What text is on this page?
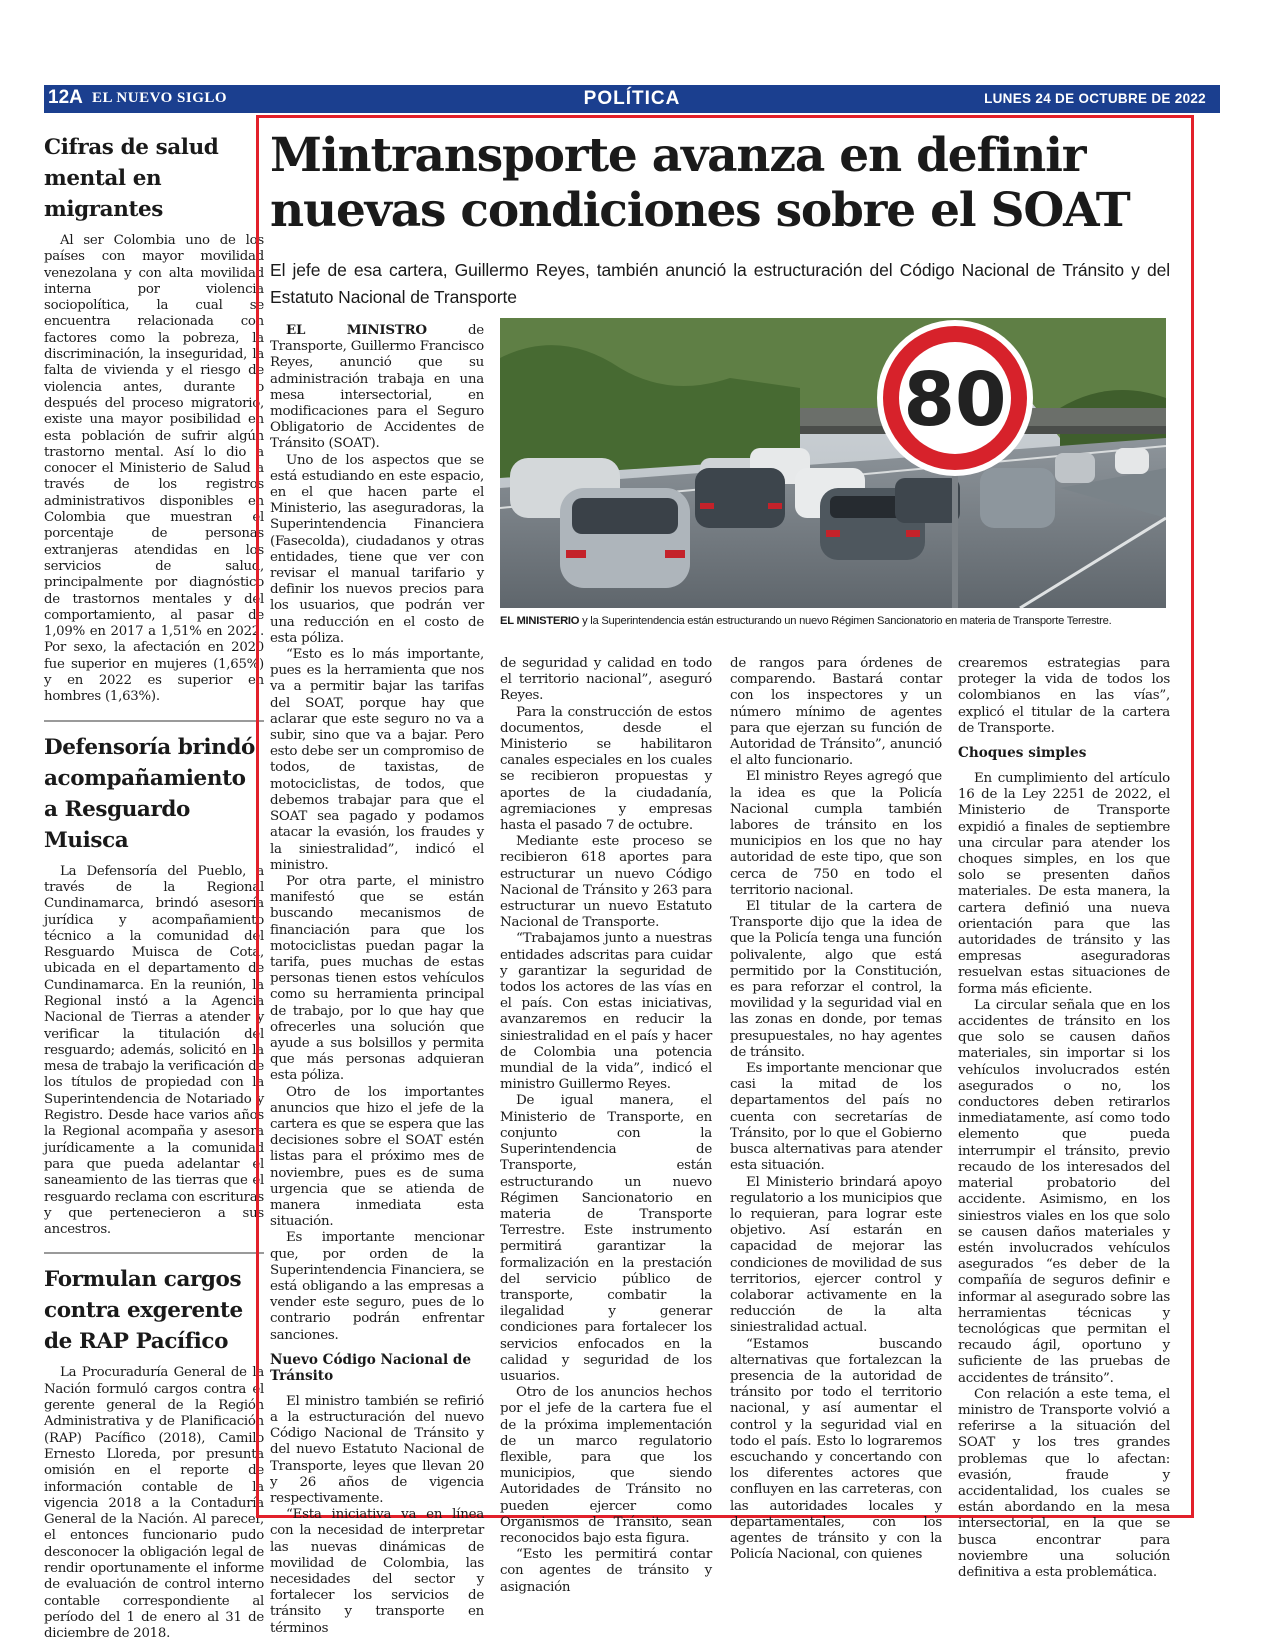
12A EL NUEVO SIGLO	POLÍTICA	LUNES 24 DE OCTUBRE DE 2022
Cifras de salud mental en migrantes

Al ser Colombia uno de los países con mayor movilidad venezolana y con alta movilidad interna por violencia sociopolítica, la cual se encuentra relacionada con factores como la pobreza, la discriminación, la inseguridad, la falta de vivienda y el riesgo de violencia antes, durante o después del proceso migratorio, existe una mayor posibilidad en esta población de sufrir algún trastorno mental. Así lo dio a conocer el Ministerio de Salud a través de los registros administrativos disponibles en Colombia que muestran el porcentaje de personas extranjeras atendidas en los servicios de salud, principalmente por diagnóstico de trastornos mentales y del comportamiento, al pasar de 1,09% en 2017 a 1,51% en 2022. Por sexo, la afectación en 2020 fue superior en mujeres (1,65%) y en 2022 es superior en hombres (1,63%).

Defensoría brindó acompañamiento a Resguardo Muisca

La Defensoría del Pueblo, a través de la Regional Cundinamarca, brindó asesoría jurídica y acompañamiento técnico a la comunidad del Resguardo Muisca de Cota, ubicada en el departamento de Cundinamarca. En la reunión, la Regional instó a la Agencia Nacional de Tierras a atender y verificar la titulación del resguardo; además, solicitó en la mesa de trabajo la verificación de los títulos de propiedad con la Superintendencia de Notariado y Registro. Desde hace varios años la Regional acompaña y asesora jurídicamente a la comunidad para que pueda adelantar el saneamiento de las tierras que el resguardo reclama con escrituras y que pertenecieron a sus ancestros.

Formulan cargos contra exgerente de RAP Pacífico

La Procuraduría General de la Nación formuló cargos contra el gerente general de la Región Administrativa y de Planificación (RAP) Pacífico (2018), Camilo Ernesto Lloreda, por presunta omisión en el reporte de información contable de la vigencia 2018 a la Contaduría General de la Nación. Al parecer, el entonces funcionario pudo desconocer la obligación legal de rendir oportunamente el informe de evaluación de control interno contable correspondiente al período del 1 de enero al 31 de diciembre de 2018.

Mintransporte avanza en definir nuevas condiciones sobre el SOAT

El jefe de esa cartera, Guillermo Reyes, también anunció la estructuración del Código Nacional de Tránsito y del Estatuto Nacional de Transporte

80

EL MINISTERIO y la Superintendencia están estructurando un nuevo Régimen Sancionatorio en materia de Transporte Terrestre.

EL MINISTRO de Transporte, Guillermo Francisco Reyes, anunció que su administración trabaja en una mesa intersectorial, en modificaciones para el Seguro Obligatorio de Accidentes de Tránsito (SOAT).

Uno de los aspectos que se está estudiando en este espacio, en el que hacen parte el Ministerio, las aseguradoras, la Superintendencia Financiera (Fasecolda), ciudadanos y otras entidades, tiene que ver con revisar el manual tarifario y definir los nuevos precios para los usuarios, que podrán ver una reducción en el costo de esta póliza.

“Esto es lo más importante, pues es la herramienta que nos va a permitir bajar las tarifas del SOAT, porque hay que aclarar que este seguro no va a subir, sino que va a bajar. Pero esto debe ser un compromiso de todos, de taxistas, de motociclistas, de todos, que debemos trabajar para que el SOAT sea pagado y podamos atacar la evasión, los fraudes y la siniestralidad”, indicó el ministro.

Por otra parte, el ministro manifestó que se están buscando mecanismos de financiación para que los motociclistas puedan pagar la tarifa, pues muchas de estas personas tienen estos vehículos como su herramienta principal de trabajo, por lo que hay que ofrecerles una solución que ayude a sus bolsillos y permita que más personas adquieran esta póliza.

Otro de los importantes anuncios que hizo el jefe de la cartera es que se espera que las decisiones sobre el SOAT estén listas para el próximo mes de noviembre, pues es de suma urgencia que se atienda de manera inmediata esta situación.

Es importante mencionar que, por orden de la Superintendencia Financiera, se está obligando a las empresas a vender este seguro, pues de lo contrario podrán enfrentar sanciones.

Nuevo Código Nacional de Tránsito

El ministro también se refirió a la estructuración del nuevo Código Nacional de Tránsito y del nuevo Estatuto Nacional de Transporte, leyes que llevan 20 y 26 años de vigencia respectivamente.

“Esta iniciativa va en línea con la necesidad de interpretar las nuevas dinámicas de movilidad de Colombia, las necesidades del sector y fortalecer los servicios de tránsito y transporte en términos

de seguridad y calidad en todo el territorio nacional”, aseguró Reyes.

Para la construcción de estos documentos, desde el Ministerio se habilitaron canales especiales en los cuales se recibieron propuestas y aportes de la ciudadanía, agremiaciones y empresas hasta el pasado 7 de octubre.

Mediante este proceso se recibieron 618 aportes para estructurar un nuevo Código Nacional de Tránsito y 263 para estructurar un nuevo Estatuto Nacional de Transporte.

“Trabajamos junto a nuestras entidades adscritas para cuidar y garantizar la seguridad de todos los actores de las vías en el país. Con estas iniciativas, avanzaremos en reducir la siniestralidad en el país y hacer de Colombia una potencia mundial de la vida”, indicó el ministro Guillermo Reyes.

De igual manera, el Ministerio de Transporte, en conjunto con la Superintendencia de Transporte, están estructurando un nuevo Régimen Sancionatorio en materia de Transporte Terrestre. Este instrumento permitirá garantizar la formalización en la prestación del servicio público de transporte, combatir la ilegalidad y generar condiciones para fortalecer los servicios enfocados en la calidad y seguridad de los usuarios.

Otro de los anuncios hechos por el jefe de la cartera fue el de la próxima implementación de un marco regulatorio flexible, para que los municipios, que siendo Autoridades de Tránsito no pueden ejercer como Organismos de Tránsito, sean reconocidos bajo esta figura.

“Esto les permitirá contar con agentes de tránsito y asignación

de rangos para órdenes de comparendo. Bastará contar con los inspectores y un número mínimo de agentes para que ejerzan su función de Autoridad de Tránsito”, anunció el alto funcionario.

El ministro Reyes agregó que la idea es que la Policía Nacional cumpla también labores de tránsito en los municipios en los que no hay autoridad de este tipo, que son cerca de 750 en todo el territorio nacional.

El titular de la cartera de Transporte dijo que la idea de que la Policía tenga una función polivalente, algo que está permitido por la Constitución, es para reforzar el control, la movilidad y la seguridad vial en las zonas en donde, por temas presupuestales, no hay agentes de tránsito.

Es importante mencionar que casi la mitad de los departamentos del país no cuenta con secretarías de Tránsito, por lo que el Gobierno busca alternativas para atender esta situación.

El Ministerio brindará apoyo regulatorio a los municipios que lo requieran, para lograr este objetivo. Así estarán en capacidad de mejorar las condiciones de movilidad de sus territorios, ejercer control y colaborar activamente en la reducción de la alta siniestralidad actual.

“Estamos buscando alternativas que fortalezcan la presencia de la autoridad de tránsito por todo el territorio nacional, y así aumentar el control y la seguridad vial en todo el país. Esto lo lograremos escuchando y concertando con los diferentes actores que confluyen en las carreteras, con las autoridades locales y departamentales, con los agentes de tránsito y con la Policía Nacional, con quienes

crearemos estrategias para proteger la vida de todos los colombianos en las vías”, explicó el titular de la cartera de Transporte.

Choques simples

En cumplimiento del artículo 16 de la Ley 2251 de 2022, el Ministerio de Transporte expidió a finales de septiembre una circular para atender los choques simples, en los que solo se presenten daños materiales. De esta manera, la cartera definió una nueva orientación para que las autoridades de tránsito y las empresas aseguradoras resuelvan estas situaciones de forma más eficiente.

La circular señala que en los accidentes de tránsito en los que solo se causen daños materiales, sin importar si los vehículos involucrados estén asegurados o no, los conductores deben retirarlos inmediatamente, así como todo elemento que pueda interrumpir el tránsito, previo recaudo de los interesados del material probatorio del accidente. Asimismo, en los siniestros viales en los que solo se causen daños materiales y estén involucrados vehículos asegurados “es deber de la compañía de seguros definir e informar al asegurado sobre las herramientas técnicas y tecnológicas que permitan el recaudo ágil, oportuno y suficiente de las pruebas de accidentes de tránsito”.

Con relación a este tema, el ministro de Transporte volvió a referirse a la situación del SOAT y los tres grandes problemas que lo afectan: evasión, fraude y accidentalidad, los cuales se están abordando en la mesa intersectorial, en la que se busca encontrar para noviembre una solución definitiva a esta problemática.
